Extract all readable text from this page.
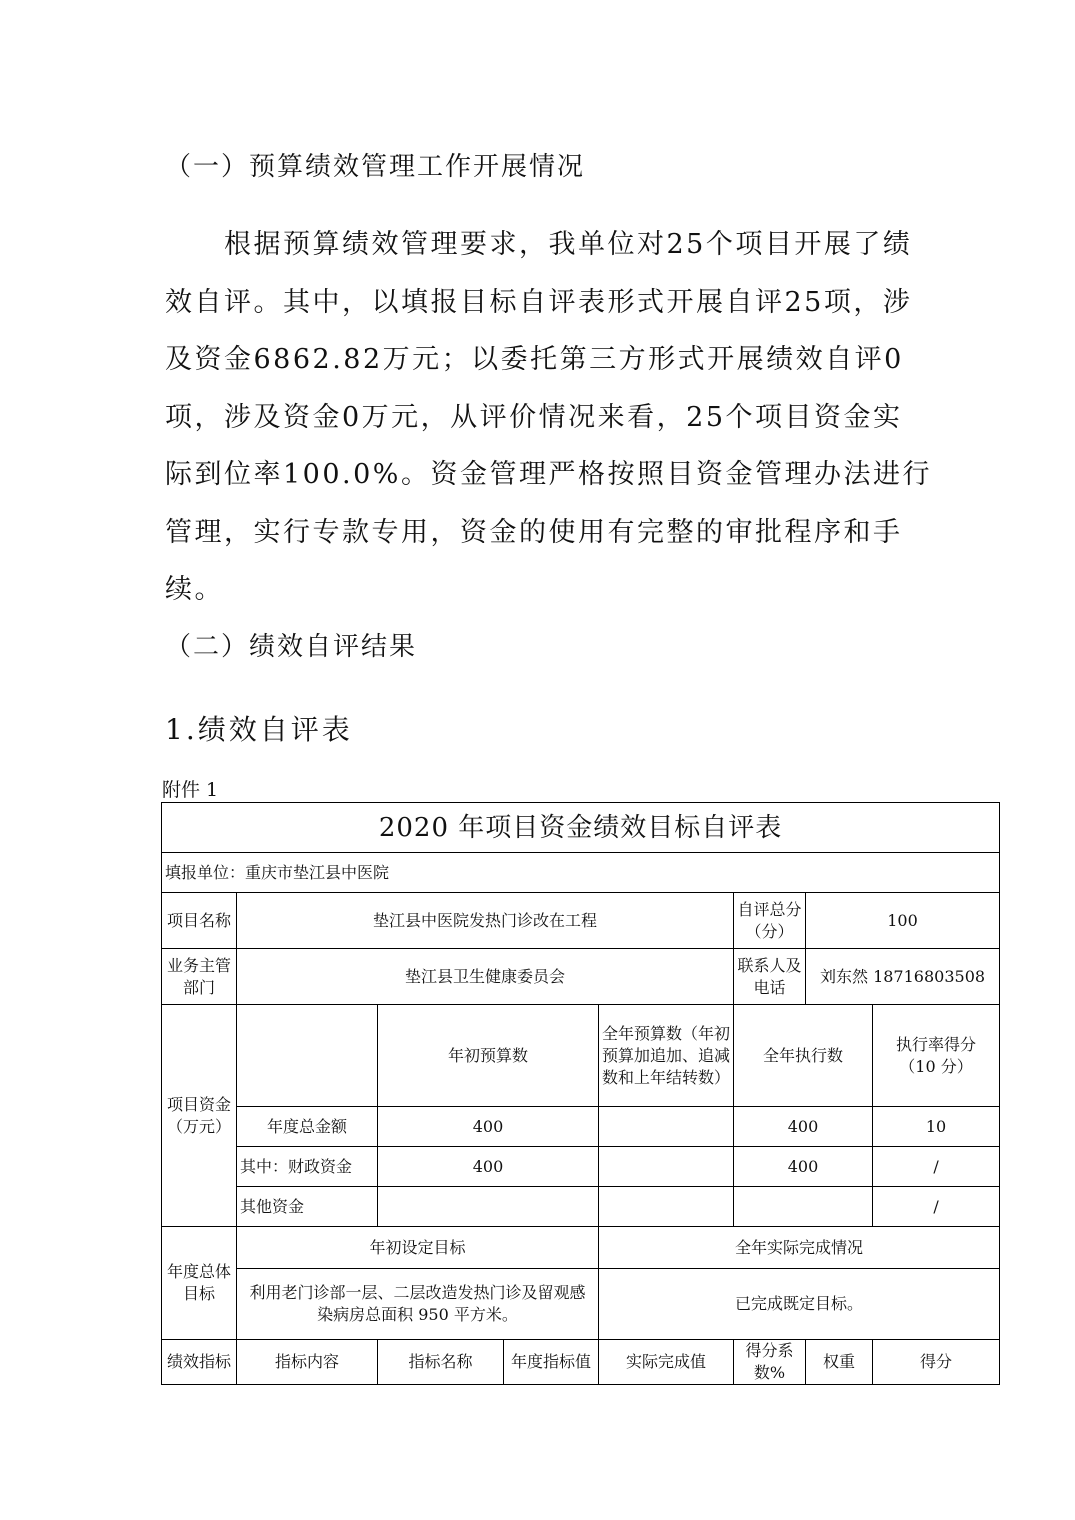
（一）预算绩效管理工作开展情况
　　根据预算绩效管理要求，我单位对25个项目开展了绩
效自评。其中，以填报目标自评表形式开展自评25项，涉
及资金6862.82万元；以委托第三方形式开展绩效自评0
项，涉及资金0万元，从评价情况来看，25个项目资金实
际到位率100.0%。资金管理严格按照目资金管理办法进行
管理，实行专款专用，资金的使用有完整的审批程序和手
续。
（二）绩效自评结果
1.绩效自评表

附件 1

2020 年项目资金绩效目标自评表							
填报单位：重庆市垫江县中医院							
项目名称	垫江县中医院发热门诊改在工程				自评总分（分）	100	
业务主管部门	垫江县卫生健康委员会				联系人及电话	刘东然 18716803508	
项目资金（万元）		年初预算数		全年预算数（年初预算加追加、追减数和上年结转数）	全年执行数		执行率得分（10 分）
	年度总金额	400			400		10
	其中：财政资金	400			400		/
	其他资金						/
年度总体目标	年初设定目标			全年实际完成情况			
	利用老门诊部一层、二层改造发热门诊及留观感染病房总面积 950 平方米。			已完成既定目标。			
绩效指标	指标内容	指标名称	年度指标值	实际完成值	得分系数%	权重	得分
